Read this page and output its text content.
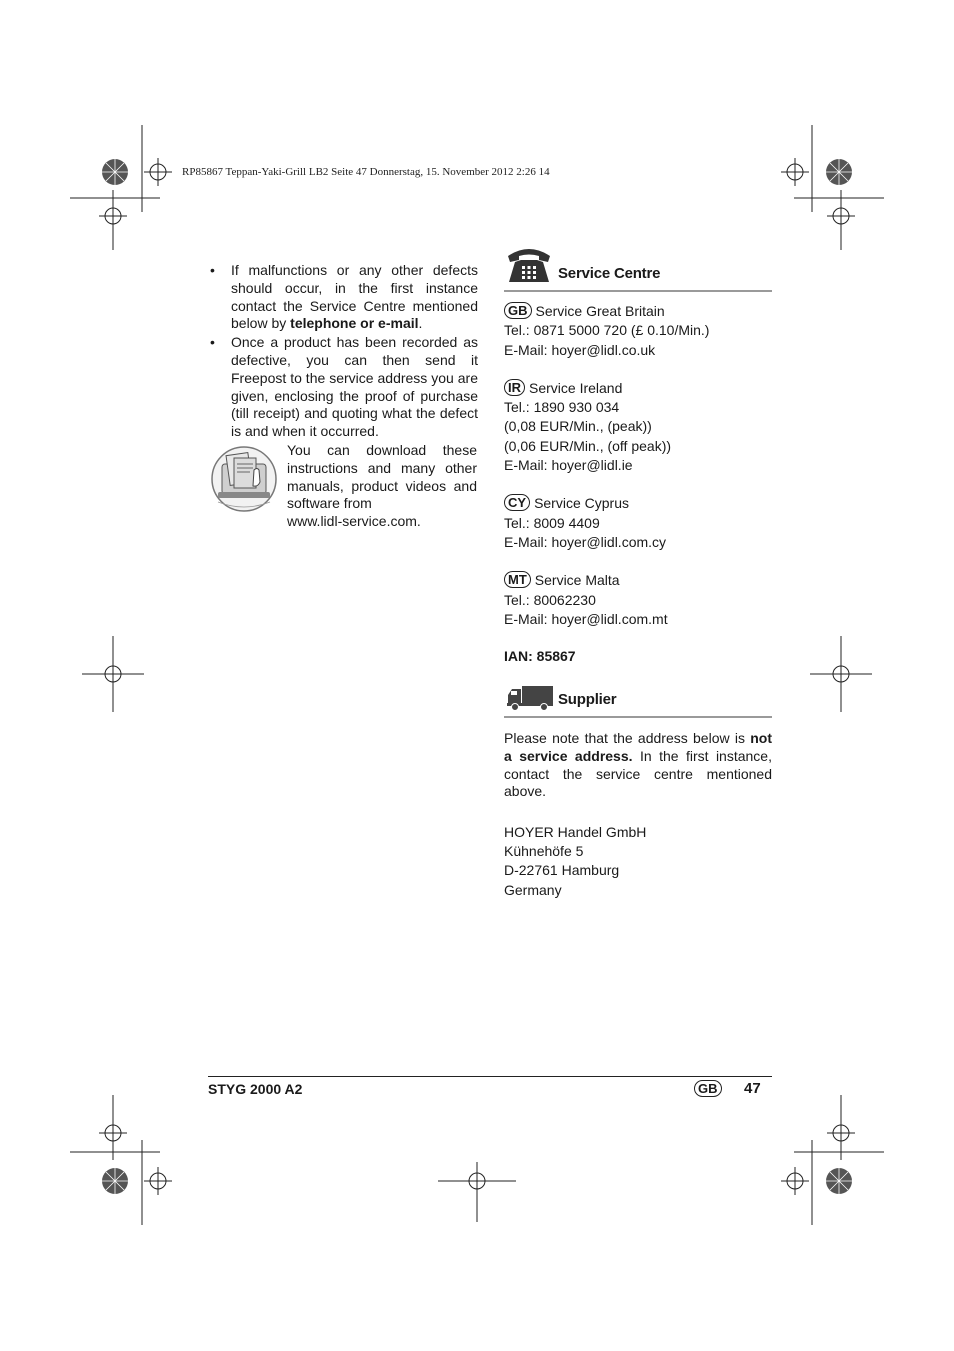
RP85867 Teppan-Yaki-Grill LB2 Seite 47 Donnerstag, 15. November 2012 2:26 14
• If malfunctions or any other defects should occur, in the first instance contact the Service Centre mentioned below by telephone or e-mail.
• Once a product has been recorded as defective, you can then send it Freepost to the service address you are given, enclosing the proof of purchase (till receipt) and quoting what the defect is and when it occurred.
You can download these instructions and many other manuals, product videos and software from
www.lidl-service.com.
Service Centre

GB Service Great Britain

Tel.: 0871 5000 720 (£ 0.10/Min.)

E-Mail: hoyer@lidl.co.uk

IR Service Ireland

Tel.: 1890 930 034

(0,08 EUR/Min., (peak))

(0,06 EUR/Min., (off peak))

E-Mail: hoyer@lidl.ie

CY Service Cyprus

Tel.: 8009 4409

E-Mail: hoyer@lidl.com.cy

MT Service Malta

Tel.: 80062230

E-Mail: hoyer@lidl.com.mt

IAN: 85867
Supplier
Please note that the address below is not a service address. In the first instance, contact the service centre mentioned above.

HOYER Handel GmbH

Kühnehöfe 5

D-22761 Hamburg

Germany

STYG 2000 A2	GB 47
